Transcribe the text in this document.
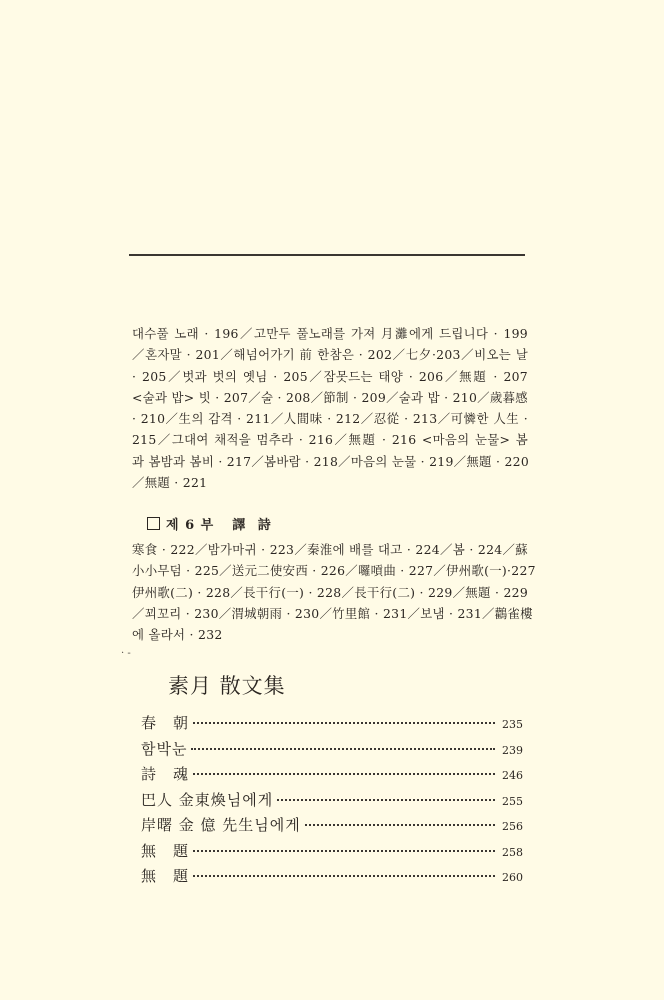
대수풀 노래 · 196／고만두 풀노래를 가져 月灘에게 드립니다 · 199
／혼자말 · 201／해넘어가기 前 한참은 · 202／七夕·203／비오는 날
· 205／벗과 벗의 옛님 · 205／잠못드는 태양 · 206／無題 · 207
<술과 밥> 빗 · 207／술 · 208／節制 · 209／술과 밥 · 210／歲暮感
· 210／生의 감격 · 211／人間味 · 212／忍從 · 213／可憐한 人生 ·
215／그대여 채적을 멈추라 · 216／無題 · 216 <마음의 눈물> 봄
과 봄밤과 봄비 · 217／봄바람 · 218／마음의 눈물 · 219／無題 · 220
／無題 · 221
제 6 부 譯 詩
寒食 · 222／밤가마귀 · 223／秦淮에 배를 대고 · 224／봄 · 224／蘇
小小무덤 · 225／送元二使安西 · 226／囉嗊曲 · 227／伊州歌(一)·227
伊州歌(二) · 228／長干行(一) · 228／長干行(二) · 229／無題 · 229
／꾀꼬리 · 230／渭城朝雨 · 230／竹里館 · 231／보냄 · 231／鸛雀樓
에 올라서 · 232
· -
素月 散文集
春　朝	235
함박눈	239
詩　魂	246
巴人 金東煥님에게	255
岸曙 金 億 先生님에게	256
無　題	258
無　題	260
